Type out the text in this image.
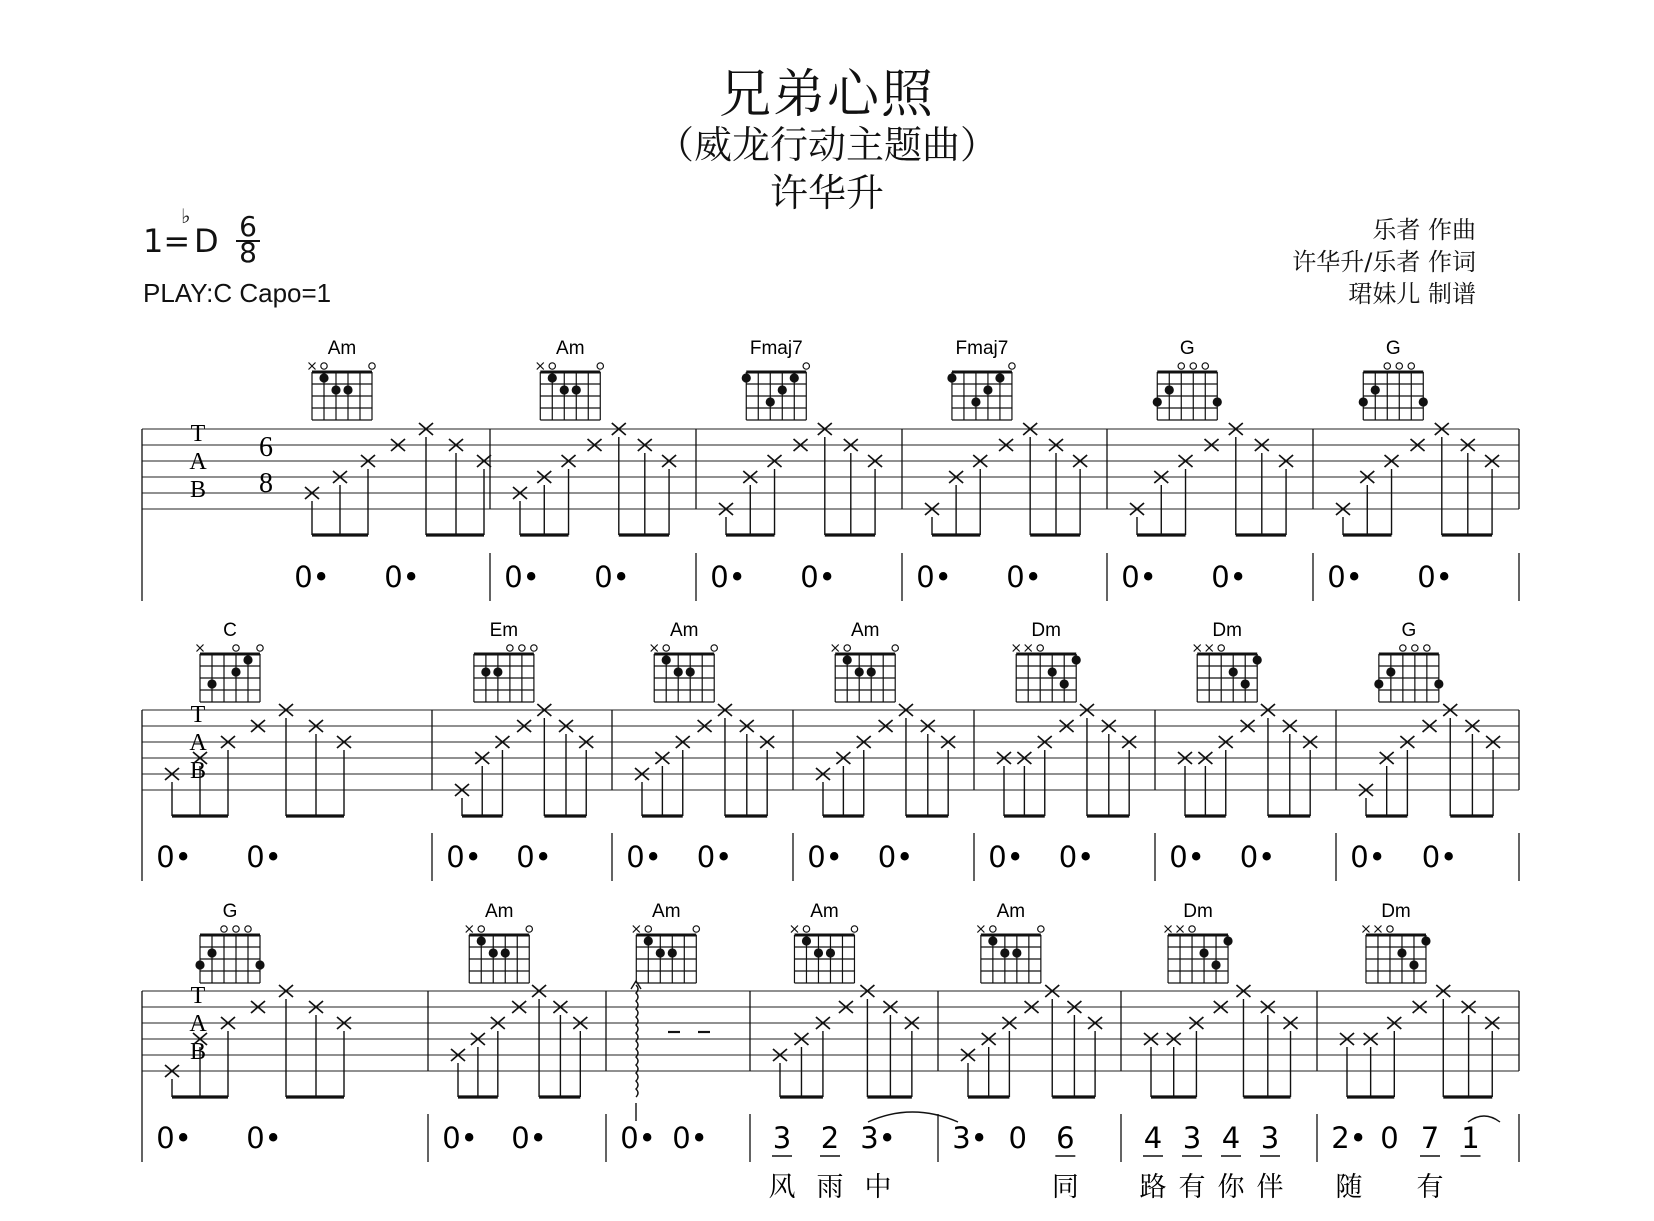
兄弟心照
（威龙行动主题曲）
许华升
1=
♭
D 6
8
PLAY:C Capo=1
乐者 作曲
许华升/乐者 作词
珺妹儿 制谱
T
A
B
6
8
Am
0• 0•
Am
0• 0•
Fmaj7
0• 0•
Fmaj7
0• 0•
G
0• 0•
G
0• 0•
T
A
B
C
0• 0•
Em
0• 0•
Am
0• 0•
Am
0• 0•
Dm
0• 0•
Dm
0• 0•
G
0• 0•
T
A
B
G
0• 0•
Am
0• 0•
Am
0• 0•
Am
3
风
2
雨
3•
中
Am
3• 0 6
同
Dm
4
路
3
有
4
你
3
伴
Dm
2•
随
0 7
有
1
